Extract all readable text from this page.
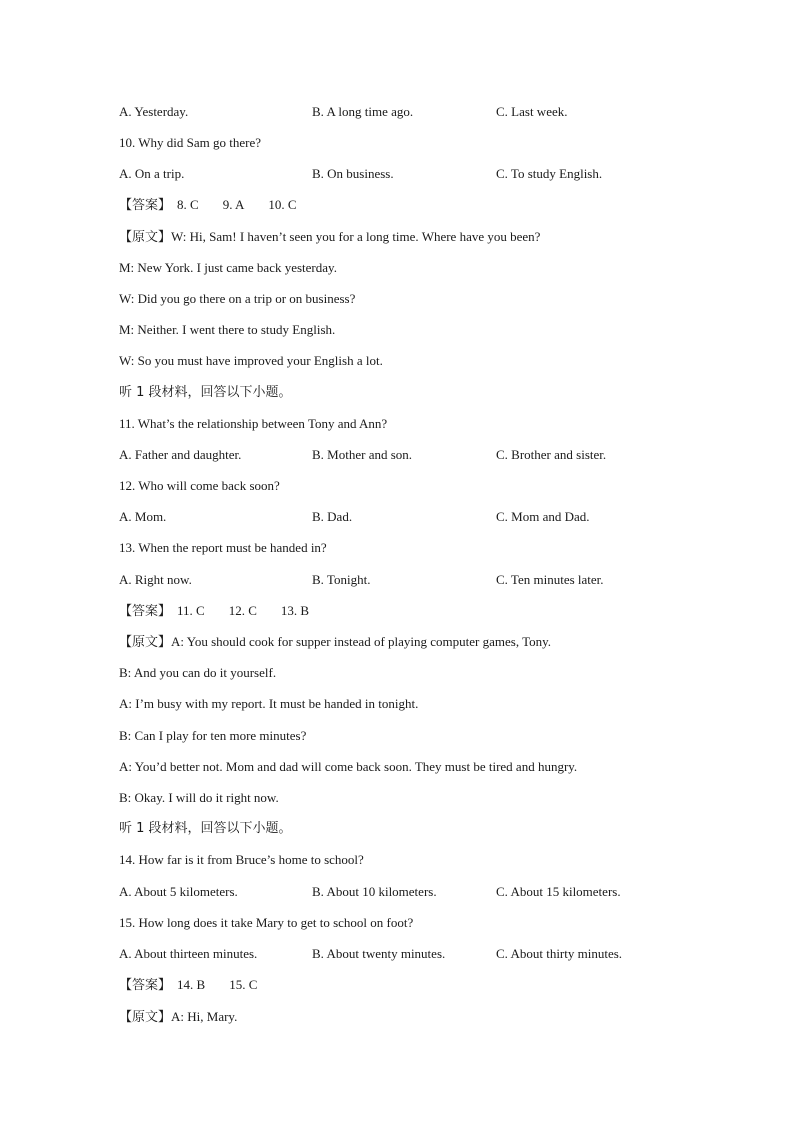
A. Yesterday.	B. A long time ago.	C. Last week.
10. Why did Sam go there?
A. On a trip.	B. On business.	C. To study English.
【答案】 8. C 9. A 10. C
【原文】W: Hi, Sam! I haven’t seen you for a long time. Where have you been?
M: New York. I just came back yesterday.
W: Did you go there on a trip or on business?
M: Neither. I went there to study English.
W: So you must have improved your English a lot.
听 1 段材料，回答以下小题。
11. What’s the relationship between Tony and Ann?
A. Father and daughter.	B. Mother and son.	C. Brother and sister.
12. Who will come back soon?
A. Mom.	B. Dad.	C. Mom and Dad.
13. When the report must be handed in?
A. Right now.	B. Tonight.	C. Ten minutes later.
【答案】 11. C 12. C 13. B
【原文】A: You should cook for supper instead of playing computer games, Tony.
B: And you can do it yourself.
A: I’m busy with my report. It must be handed in tonight.
B: Can I play for ten more minutes?
A: You’d better not. Mom and dad will come back soon. They must be tired and hungry.
B: Okay. I will do it right now.
听 1 段材料，回答以下小题。
14. How far is it from Bruce’s home to school?
A. About 5 kilometers.	B. About 10 kilometers.	C. About 15 kilometers.
15. How long does it take Mary to get to school on foot?
A. About thirteen minutes.	B. About twenty minutes.	C. About thirty minutes.
【答案】 14. B 15. C
【原文】A: Hi, Mary.
